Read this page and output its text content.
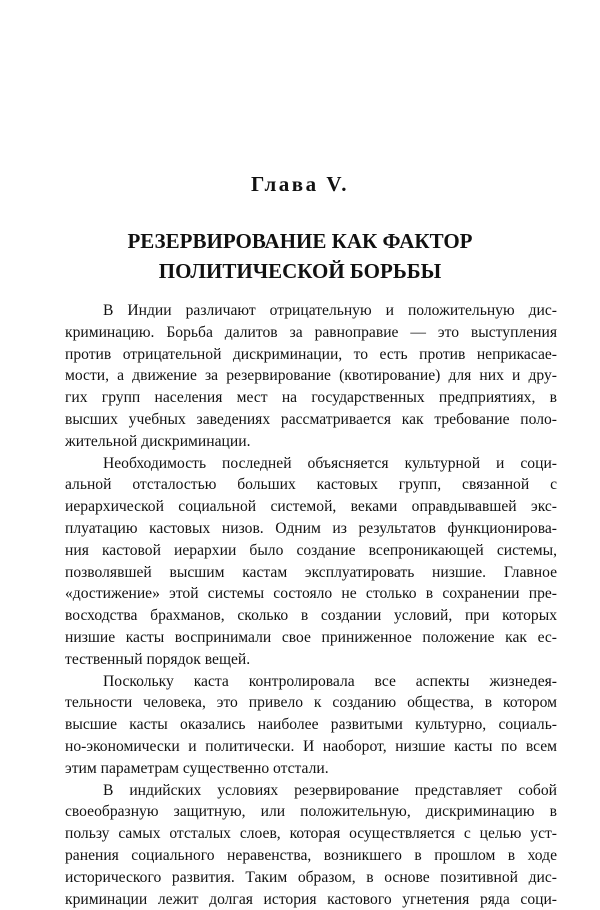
Глава V.
РЕЗЕРВИРОВАНИЕ КАК ФАКТОР
ПОЛИТИЧЕСКОЙ БОРЬБЫ
В Индии различают отрицательную и положительную дис-
криминацию. Борьба далитов за равноправие — это выступления
против отрицательной дискриминации, то есть против неприкасае-
мости, а движение за резервирование (квотирование) для них и дру-
гих групп населения мест на государственных предприятиях, в
высших учебных заведениях рассматривается как требование поло-
жительной дискриминации.
Необходимость последней объясняется культурной и соци-
альной отсталостью больших кастовых групп, связанной с
иерархической социальной системой, веками оправдывавшей экс-
плуатацию кастовых низов. Одним из результатов функционирова-
ния кастовой иерархии было создание всепроникающей системы,
позволявшей высшим кастам эксплуатировать низшие. Главное
«достижение» этой системы состояло не столько в сохранении пре-
восходства брахманов, сколько в создании условий, при которых
низшие касты воспринимали свое приниженное положение как ес-
тественный порядок вещей.
Поскольку каста контролировала все аспекты жизнедея-
тельности человека, это привело к созданию общества, в котором
высшие касты оказались наиболее развитыми культурно, социаль-
но-экономически и политически. И наоборот, низшие касты по всем
этим параметрам существенно отстали.
В индийских условиях резервирование представляет собой
своеобразную защитную, или положительную, дискриминацию в
пользу самых отсталых слоев, которая осуществляется с целью уст-
ранения социального неравенства, возникшего в прошлом в ходе
исторического развития. Таким образом, в основе позитивной дис-
криминации лежит долгая история кастового угнетения ряда соци-
